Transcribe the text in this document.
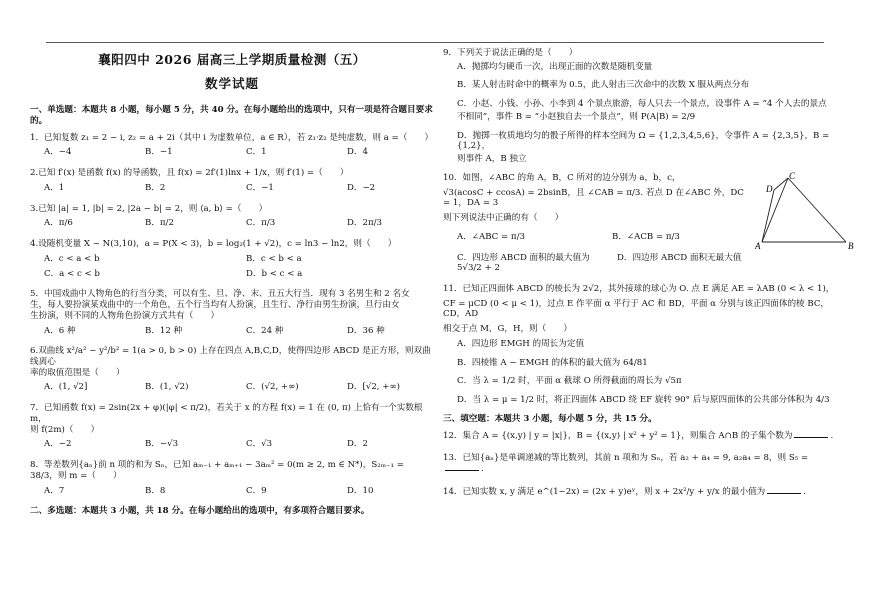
襄阳四中 2026 届高三上学期质量检测（五）
数学试题
一、单选题：本题共 8 小题，每小题 5 分，共 40 分。在每小题给出的选项中，只有一项是符合题目要求的。
1．已知复数 z₁ = 2 − i, z₂ = a + 2i（其中 i 为虚数单位，a ∈ R），若 z₁·z₂ 是纯虚数，则 a =（　　）
A．−4	B．−1	C．1	D．4
2.已知 f′(x) 是函数 f(x) 的导函数，且 f(x) = 2f′(1)lnx + 1/x，则 f′(1) =（　　）
A．1	B．2	C．−1	D．−2
3.已知 |a| = 1, |b| = 2, |2a − b| = 2，则 ⟨a, b⟩ =（　　）
A．π/6	B．π/2	C．π/3	D．2π/3
4.设随机变量 X ~ N(3,10)，a = P(X < 3)，b = log₂(1 + √2)，c = ln3 − ln2，则（　　）
A．c < a < b	B．c < b < a
C．a < c < b	D．b < c < a
5．中国戏曲中人物角色的行当分类，可以有生、旦、净、末、丑五大行当．现有 3 名男生和 2 名女
生，每人要扮演某戏曲中的一个角色，五个行当均有人扮演，且生行、净行由男生扮演，旦行由女
生扮演，则不同的人物角色扮演方式共有（　　）
A．6 种	B．12 种	C．24 种	D．36 种
6.双曲线 x²/a² − y²/b² = 1(a > 0, b > 0) 上存在四点 A,B,C,D，使得四边形 ABCD 是正方形，则双曲线离心
率的取值范围是（　　）
A．(1, √2]	B．(1, √2)	C．(√2, +∞)	D．[√2, +∞)
7．已知函数 f(x) = 2sin(2x + φ)(|φ| < π/2)，若关于 x 的方程 f(x) = 1 在 (0, π) 上恰有一个实数根 m，
则 f(2m)（　　）
A．−2	B．−√3	C．√3	D．2
8．等差数列{aₙ}前 n 项的和为 Sₙ，已知 aₘ₋₁ + aₘ₊₁ − 3aₘ² = 0(m ≥ 2, m ∈ N*)，S₂ₘ₋₁ = 38/3，则 m =（　　）
A．7	B．8	C．9	D．10
二、多选题：本题共 3 小题，共 18 分。在每小题给出的选项中，有多项符合题目要求。
9．下列关于说法正确的是（　　）
A．抛掷均匀硬币一次，出现正面的次数是随机变量
B．某人射击时命中的概率为 0.5，此人射击三次命中的次数 X 服从两点分布
C．小赵、小钱、小孙、小李到 4 个景点旅游，每人只去一个景点，设事件 A = “4 个人去的景点
不相同”，事件 B = “小赵独自去一个景点”，则 P(A|B) = 2/9
D．抛掷一枚质地均匀的骰子所得的样本空间为 Ω = {1,2,3,4,5,6}，令事件 A = {2,3,5}，B = {1,2}，
则事件 A，B 独立
10．如图，∠ABC 的角 A，B，C 所对的边分别为 a，b，c，
√3(acosC + ccosA) = 2bsinB，且 ∠CAB = π/3. 若点 D 在∠ABC 外，DC = 1，DA = 3
则下列说法中正确的有（　　）
A．∠ABC = π/3	B．∠ACB = π/3
C．四边形 ABCD 面积的最大值为 5√3/2 + 2
D．四边形 ABCD 面积无最大值
11．已知正四面体 ABCD 的棱长为 2√2，其外接球的球心为 O. 点 E 满足 AE = λAB (0 < λ < 1)，
CF = μCD (0 < μ < 1)，过点 E 作平面 α 平行于 AC 和 BD，平面 α 分别与该正四面体的棱 BC，CD，AD
相交于点 M，G，H，则（　　）
A．四边形 EMGH 的周长为定值
B．四棱锥 A − EMGH 的体积的最大值为 64/81
C．当 λ = 1/2 时，平面 α 截球 O 所得截面的周长为 √5π
D．当 λ = μ = 1/2 时，将正四面体 ABCD 绕 EF 旋转 90° 后与原四面体的公共部分体积为 4/3
三、填空题：本题共 3 小题，每小题 5 分，共 15 分。
12．集合 A = {(x,y) | y = |x|}，B = {(x,y) | x² + y² = 1}，则集合 A∩B 的子集个数为	.
13．已知{aₙ}是单调递减的等比数列，其前 n 项和为 Sₙ，若 a₂ + a₄ = 9, a₂a₄ = 8，则 S₅ =.
14．已知实数 x, y 满足 e^(1−2x) = (2x + y)eʸ，则 x + 2x²/y + y/x 的最小值为	.
D
C
A	B
